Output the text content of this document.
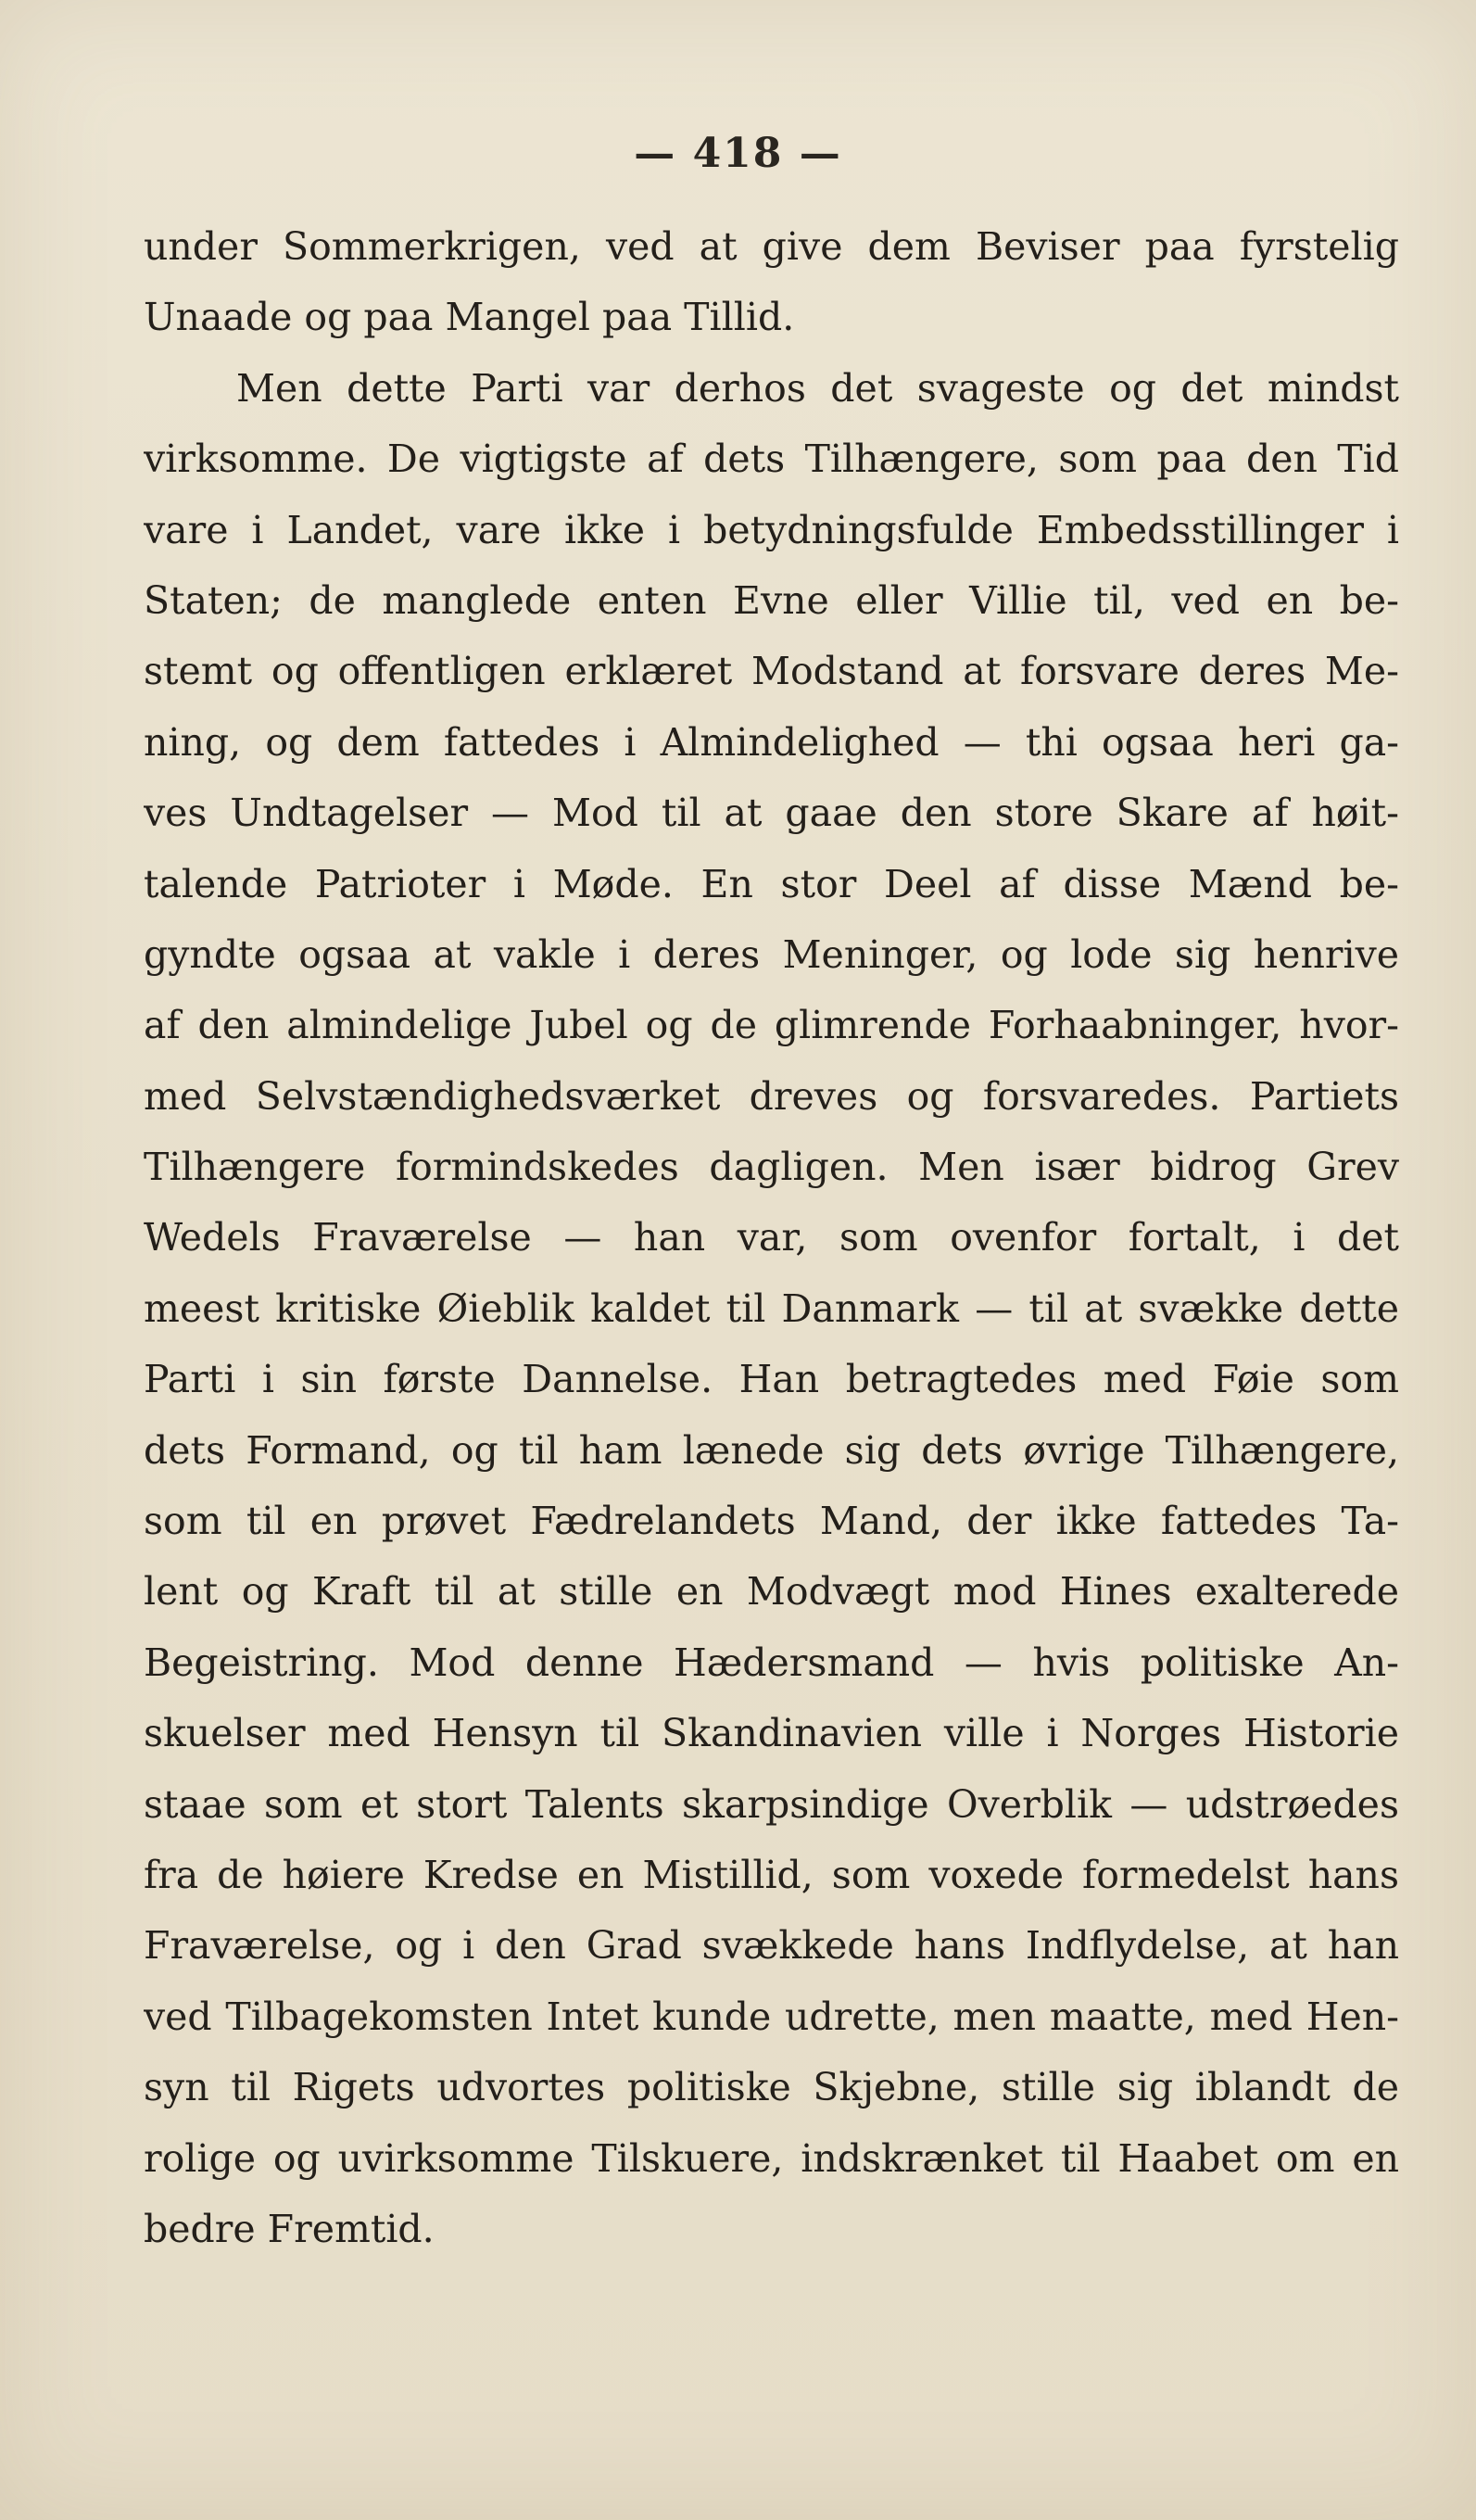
— 418 —
under Sommerkrigen, ved at give dem Beviser paa fyrstelig
Unaade og paa Mangel paa Tillid.
Men dette Parti var derhos det svageste og det mindst
virksomme. De vigtigste af dets Tilhængere, som paa den Tid
vare i Landet, vare ikke i betydningsfulde Embedsstillinger i
Staten; de manglede enten Evne eller Villie til, ved en be-
stemt og offentligen erklæret Modstand at forsvare deres Me-
ning, og dem fattedes i Almindelighed — thi ogsaa heri ga-
ves Undtagelser — Mod til at gaae den store Skare af høit-
talende Patrioter i Møde. En stor Deel af disse Mænd be-
gyndte ogsaa at vakle i deres Meninger, og lode sig henrive
af den almindelige Jubel og de glimrende Forhaabninger, hvor-
med Selvstændighedsværket dreves og forsvaredes. Partiets
Tilhængere formindskedes dagligen. Men især bidrog Grev
Wedels Fraværelse — han var, som ovenfor fortalt, i det
meest kritiske Øieblik kaldet til Danmark — til at svække dette
Parti i sin første Dannelse. Han betragtedes med Føie som
dets Formand, og til ham lænede sig dets øvrige Tilhængere,
som til en prøvet Fædrelandets Mand, der ikke fattedes Ta-
lent og Kraft til at stille en Modvægt mod Hines exalterede
Begeistring. Mod denne Hædersmand — hvis politiske An-
skuelser med Hensyn til Skandinavien ville i Norges Historie
staae som et stort Talents skarpsindige Overblik — udstrøedes
fra de høiere Kredse en Mistillid, som voxede formedelst hans
Fraværelse, og i den Grad svækkede hans Indflydelse, at han
ved Tilbagekomsten Intet kunde udrette, men maatte, med Hen-
syn til Rigets udvortes politiske Skjebne, stille sig iblandt de
rolige og uvirksomme Tilskuere, indskrænket til Haabet om en
bedre Fremtid.
